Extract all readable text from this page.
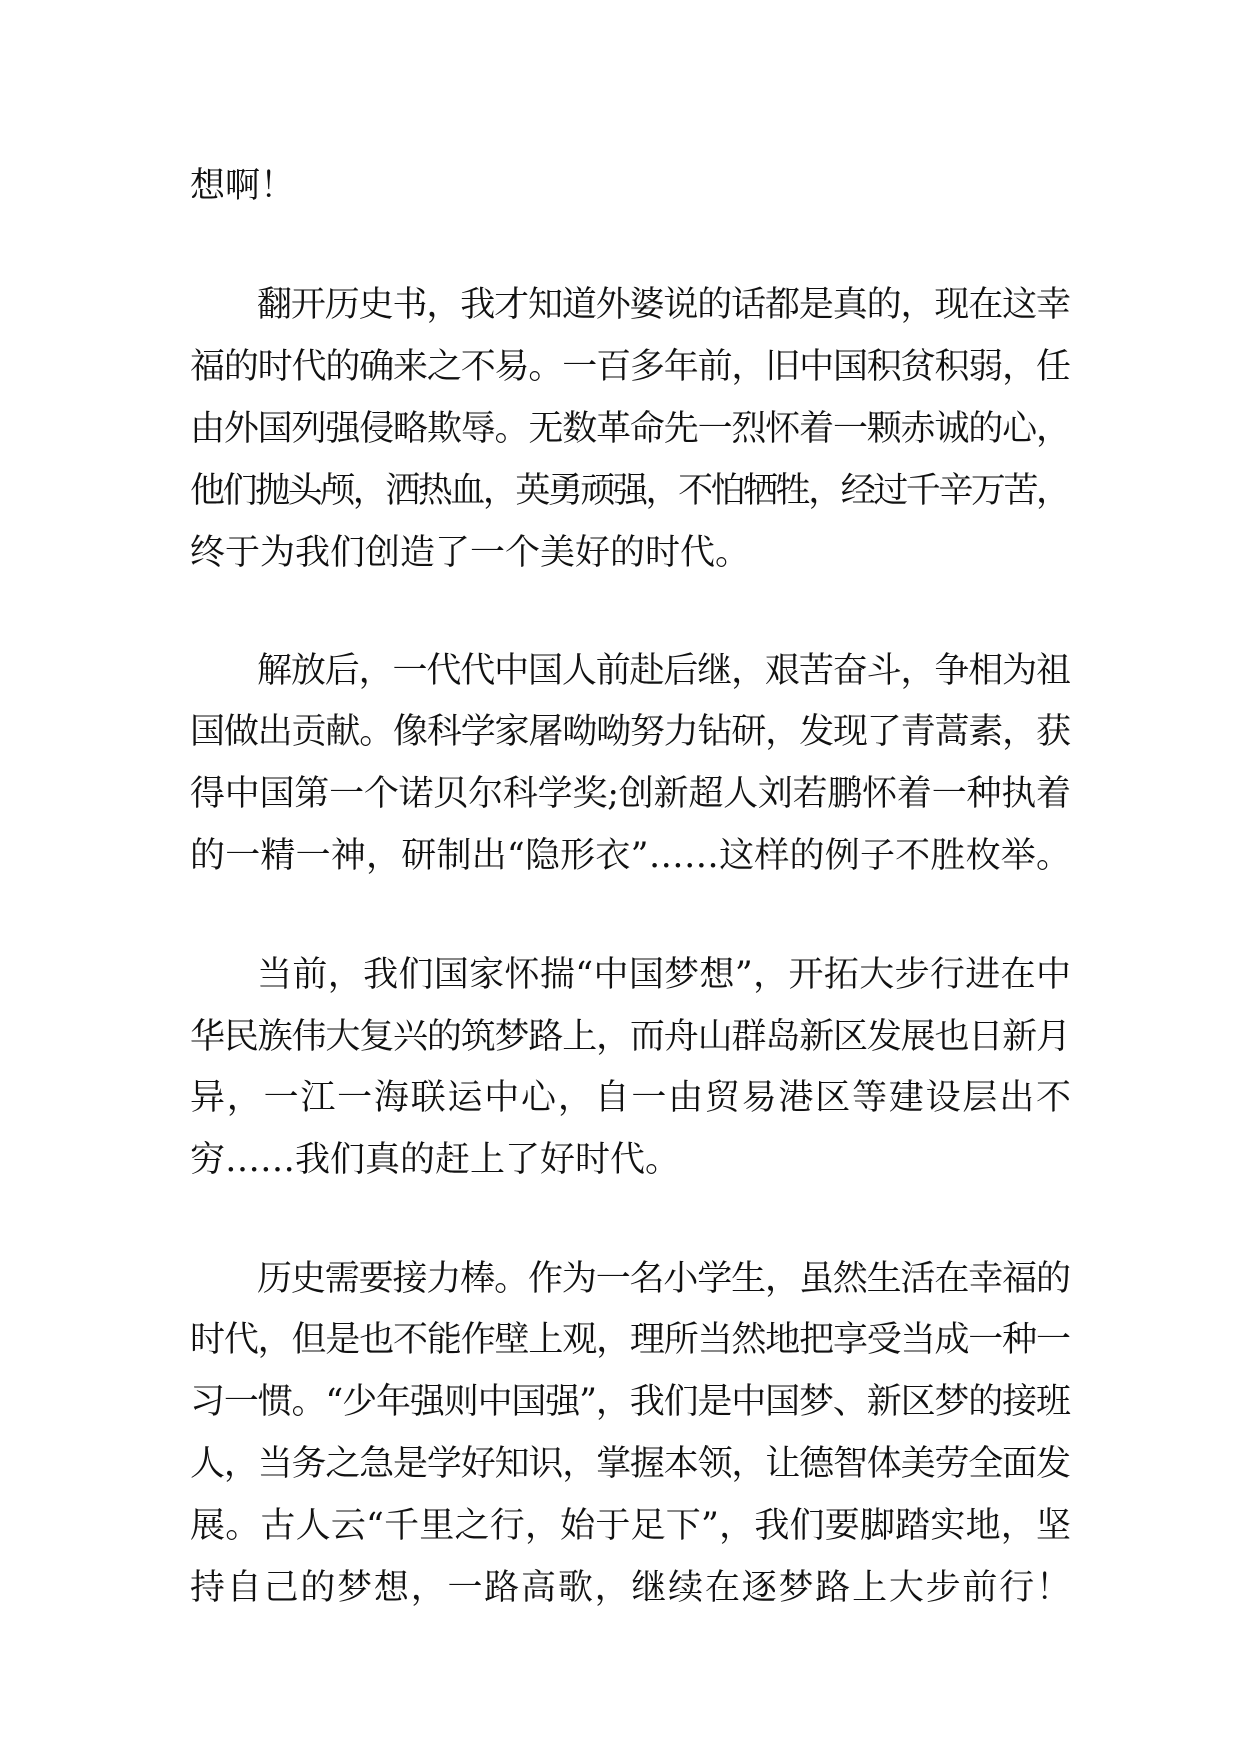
想啊！
翻开历史书，我才知道外婆说的话都是真的，现在这幸
福的时代的确来之不易。一百多年前，旧中国积贫积弱，任
由外国列强侵略欺辱。无数革命先一烈怀着一颗赤诚的心，
他们抛头颅，洒热血，英勇顽强，不怕牺牲，经过千辛万苦，
终于为我们创造了一个美好的时代。
解放后，一代代中国人前赴后继，艰苦奋斗，争相为祖
国做出贡献。像科学家屠呦呦努力钻研，发现了青蒿素，获
得中国第一个诺贝尔科学奖;创新超人刘若鹏怀着一种执着
的一精一神，研制出“隐形衣”……这样的例子不胜枚举。
当前，我们国家怀揣“中国梦想”，开拓大步行进在中
华民族伟大复兴的筑梦路上，而舟山群岛新区发展也日新月
异，一江一海联运中心，自一由贸易港区等建设层出不
穷……我们真的赶上了好时代。
历史需要接力棒。作为一名小学生，虽然生活在幸福的
时代，但是也不能作壁上观，理所当然地把享受当成一种一
习一惯。“少年强则中国强”，我们是中国梦、新区梦的接班
人，当务之急是学好知识，掌握本领，让德智体美劳全面发
展。古人云“千里之行，始于足下”，我们要脚踏实地，坚
持自己的梦想，一路高歌，继续在逐梦路上大步前行！
